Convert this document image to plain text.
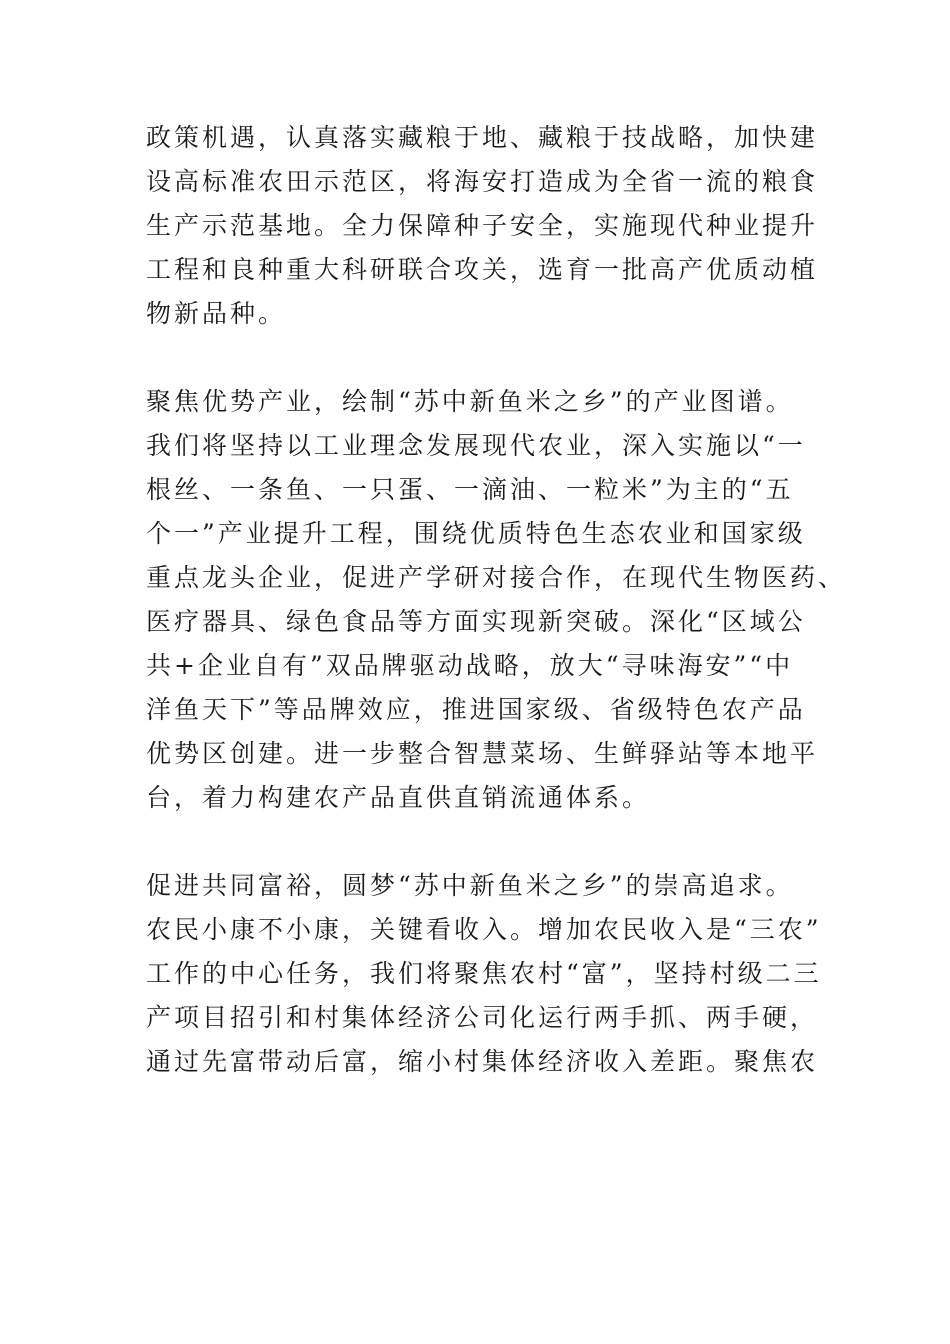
政策机遇，认真落实藏粮于地、藏粮于技战略，加快建
设高标准农田示范区，将海安打造成为全省一流的粮食
生产示范基地。全力保障种子安全，实施现代种业提升
工程和良种重大科研联合攻关，选育一批高产优质动植
物新品种。
聚焦优势产业，绘制“苏中新鱼米之乡”的产业图谱。
我们将坚持以工业理念发展现代农业，深入实施以“一
根丝、一条鱼、一只蛋、一滴油、一粒米”为主的“五
个一”产业提升工程，围绕优质特色生态农业和国家级
重点龙头企业，促进产学研对接合作，在现代生物医药、
医疗器具、绿色食品等方面实现新突破。深化“区域公
共+企业自有”双品牌驱动战略，放大“寻味海安”“中
洋鱼天下”等品牌效应，推进国家级、省级特色农产品
优势区创建。进一步整合智慧菜场、生鲜驿站等本地平
台，着力构建农产品直供直销流通体系。
促进共同富裕，圆梦“苏中新鱼米之乡”的崇高追求。
农民小康不小康，关键看收入。增加农民收入是“三农”
工作的中心任务，我们将聚焦农村“富”，坚持村级二三
产项目招引和村集体经济公司化运行两手抓、两手硬，
通过先富带动后富，缩小村集体经济收入差距。聚焦农
